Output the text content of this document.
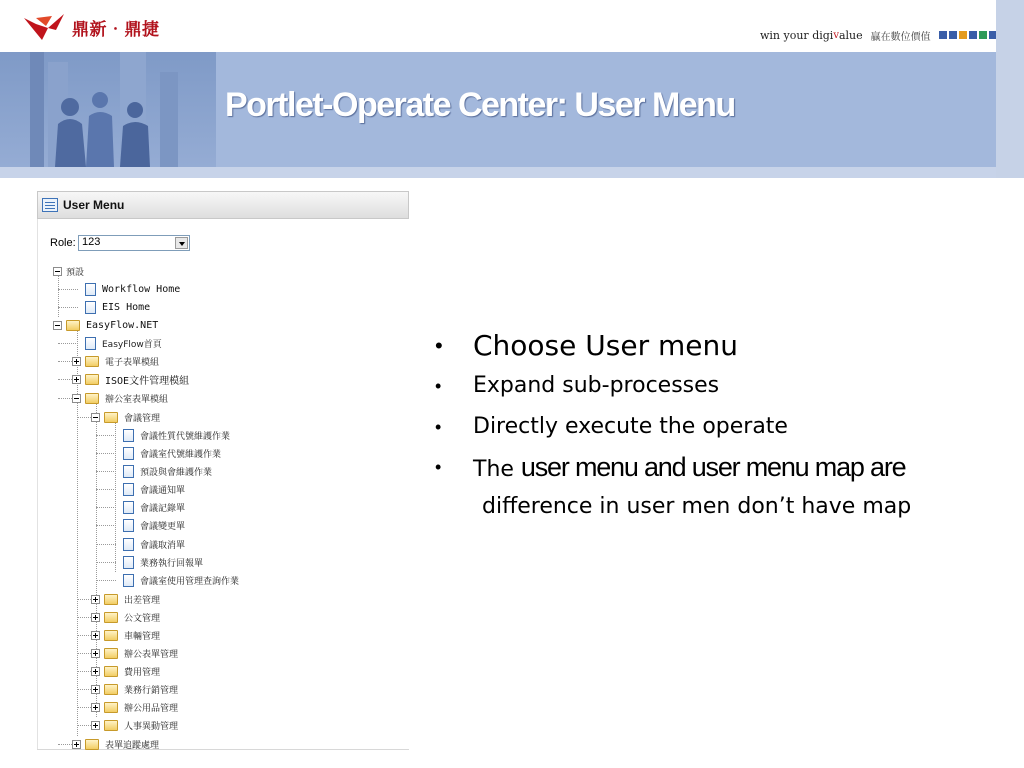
鼎新‧鼎捷	win your digi v alue 贏在數位價值
Portlet-Operate Center: User Menu
User Menu
Role: 123
預設
Workflow Home
EIS Home
EasyFlow.NET
EasyFlow首頁
電子表單模組
ISOE文件管理模組
辦公室表單模組
會議管理
會議性質代號維護作業
會議室代號維護作業
預設與會維護作業
會議通知單
會議記錄單
會議變更單
會議取消單
業務執行回報單
會議室使用管理查詢作業
出差管理
公文管理
車輛管理
辦公表單管理
費用管理
業務行銷管理
辦公用品管理
人事異動管理
表單追蹤處理
•	Choose User menu
•	Expand sub-processes
•	Directly execute the operate
•	The user menu and user menu map are
difference in user men don’t have map
